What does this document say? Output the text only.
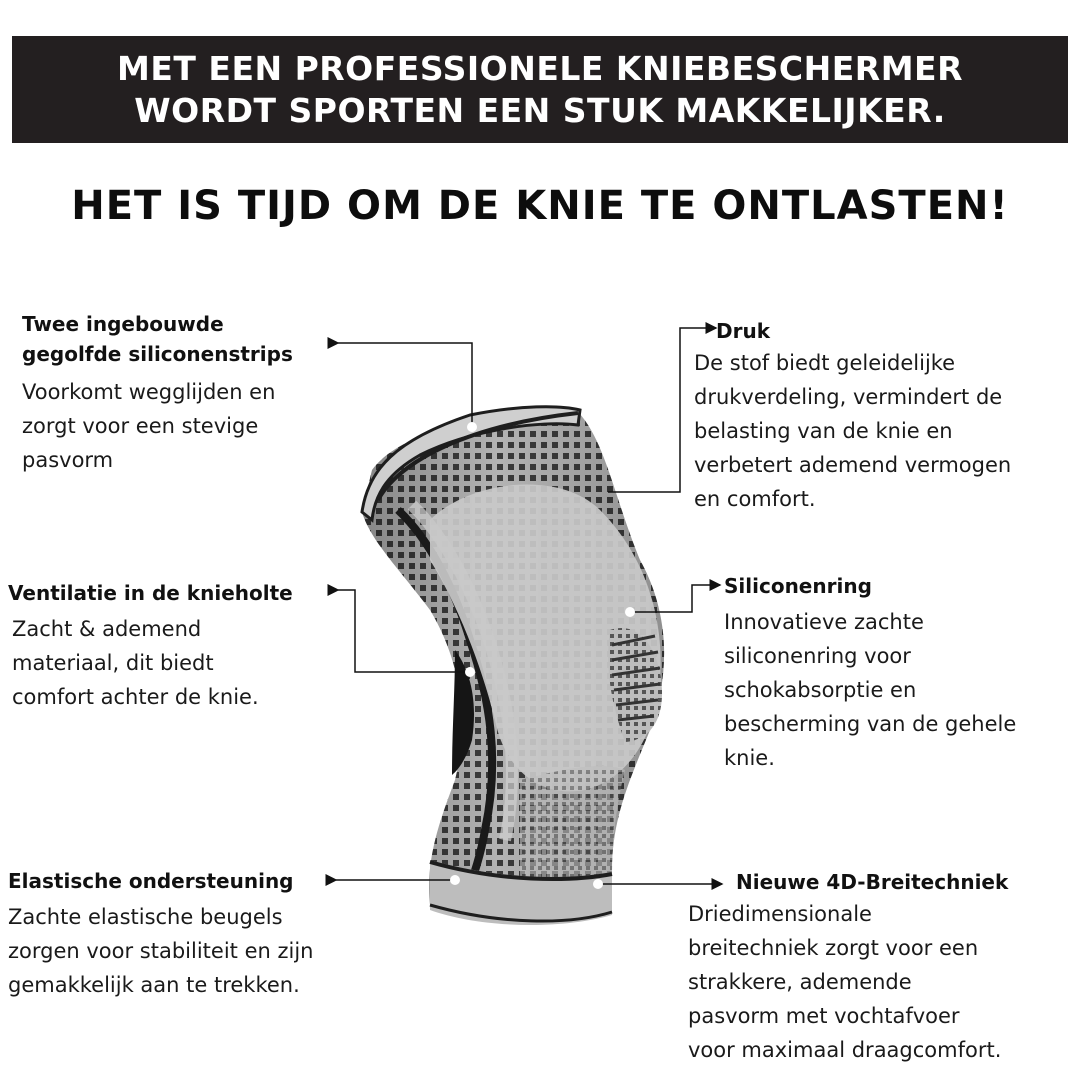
MET EEN PROFESSIONELE KNIEBESCHERMER
WORDT SPORTEN EEN STUK MAKKELIJKER.
HET IS TIJD OM DE KNIE TE ONTLASTEN!
Twee ingebouwde
gegolfde siliconenstrips
Voorkomt wegglijden en
zorgt voor een stevige
pasvorm
Ventilatie in de knieholte
Zacht & ademend
materiaal, dit biedt
comfort achter de knie.
Elastische ondersteuning
Zachte elastische beugels
zorgen voor stabiliteit en zijn
gemakkelijk aan te trekken.
Druk
De stof biedt geleidelijke
drukverdeling, vermindert de
belasting van de knie en
verbetert ademend vermogen
en comfort.
Siliconenring
Innovatieve zachte
siliconenring voor
schokabsorptie en
bescherming van de gehele
knie.
Nieuwe 4D-Breitechniek
Driedimensionale
breitechniek zorgt voor een
strakkere, ademende
pasvorm met vochtafvoer
voor maximaal draagcomfort.
